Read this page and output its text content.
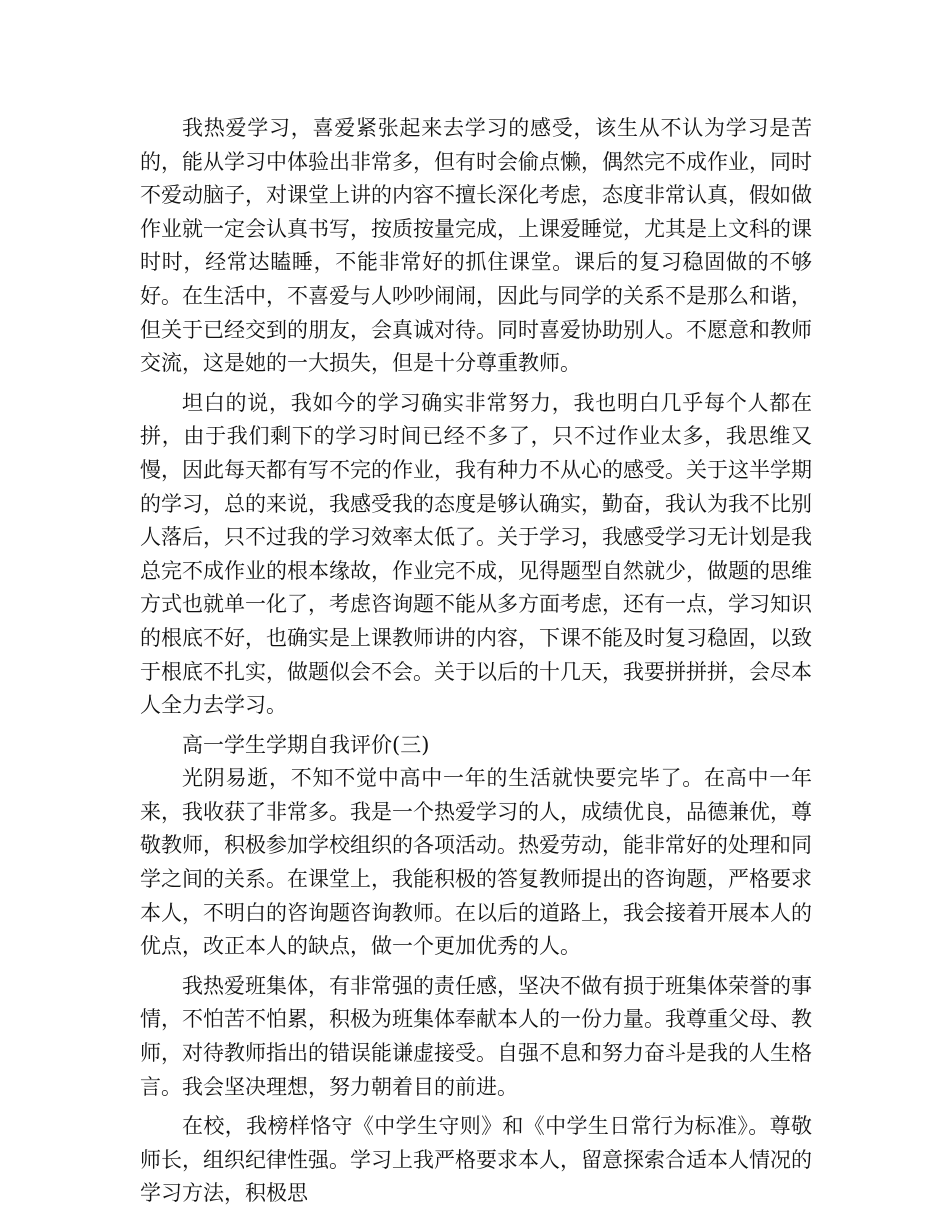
我热爱学习，喜爱紧张起来去学习的感受，该生从不认为学习是苦的，能从学习中体验出非常多，但有时会偷点懒，偶然完不成作业，同时不爱动脑子，对课堂上讲的内容不擅长深化考虑，态度非常认真，假如做作业就一定会认真书写，按质按量完成，上课爱睡觉，尤其是上文科的课时时，经常达瞌睡，不能非常好的抓住课堂。课后的复习稳固做的不够好。在生活中，不喜爱与人吵吵闹闹，因此与同学的关系不是那么和谐，但关于已经交到的朋友，会真诚对待。同时喜爱协助别人。不愿意和教师交流，这是她的一大损失，但是十分尊重教师。

坦白的说，我如今的学习确实非常努力，我也明白几乎每个人都在拼，由于我们剩下的学习时间已经不多了，只不过作业太多，我思维又慢，因此每天都有写不完的作业，我有种力不从心的感受。关于这半学期的学习，总的来说，我感受我的态度是够认确实，勤奋，我认为我不比别人落后，只不过我的学习效率太低了。关于学习，我感受学习无计划是我总完不成作业的根本缘故，作业完不成，见得题型自然就少，做题的思维方式也就单一化了，考虑咨询题不能从多方面考虑，还有一点，学习知识的根底不好，也确实是上课教师讲的内容，下课不能及时复习稳固，以致于根底不扎实，做题似会不会。关于以后的十几天，我要拼拼拼，会尽本人全力去学习。

高一学生学期自我评价(三)

光阴易逝，不知不觉中高中一年的生活就快要完毕了。在高中一年来，我收获了非常多。我是一个热爱学习的人，成绩优良，品德兼优，尊敬教师，积极参加学校组织的各项活动。热爱劳动，能非常好的处理和同学之间的关系。在课堂上，我能积极的答复教师提出的咨询题，严格要求本人，不明白的咨询题咨询教师。在以后的道路上，我会接着开展本人的优点，改正本人的缺点，做一个更加优秀的人。

我热爱班集体，有非常强的责任感，坚决不做有损于班集体荣誉的事情，不怕苦不怕累，积极为班集体奉献本人的一份力量。我尊重父母、教师，对待教师指出的错误能谦虚接受。自强不息和努力奋斗是我的人生格言。我会坚决理想，努力朝着目的前进。

在校，我榜样恪守《中学生守则》和《中学生日常行为标准》。尊敬师长，组织纪律性强。学习上我严格要求本人，留意探索合适本人情况的学习方法，积极思
